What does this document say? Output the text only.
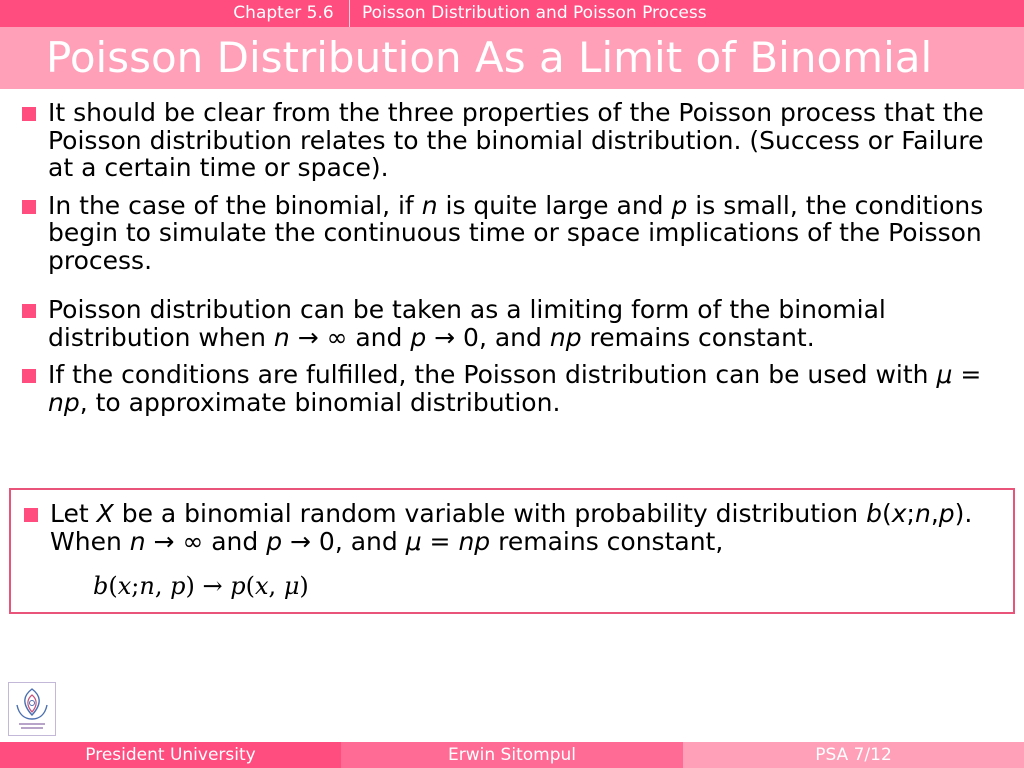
Chapter 5.6	Poisson Distribution and Poisson Process
Poisson Distribution As a Limit of Binomial
It should be clear from the three properties of the Poisson process that the Poisson distribution relates to the binomial distribution. (Success or Failure at a certain time or space).
In the case of the binomial, if n is quite large and p is small, the conditions begin to simulate the continuous time or space implications of the Poisson process.
Poisson distribution can be taken as a limiting form of the binomial distribution when n → ∞ and p → 0, and np remains constant.
If the conditions are fulfilled, the Poisson distribution can be used with μ = np, to approximate binomial distribution.
Let X be a binomial random variable with probability distribution b(x;n,p). When n → ∞ and p → 0, and μ = np remains constant,
b(x;n, p) → p(x, μ)
President University	Erwin Sitompul	PSA 7/12
